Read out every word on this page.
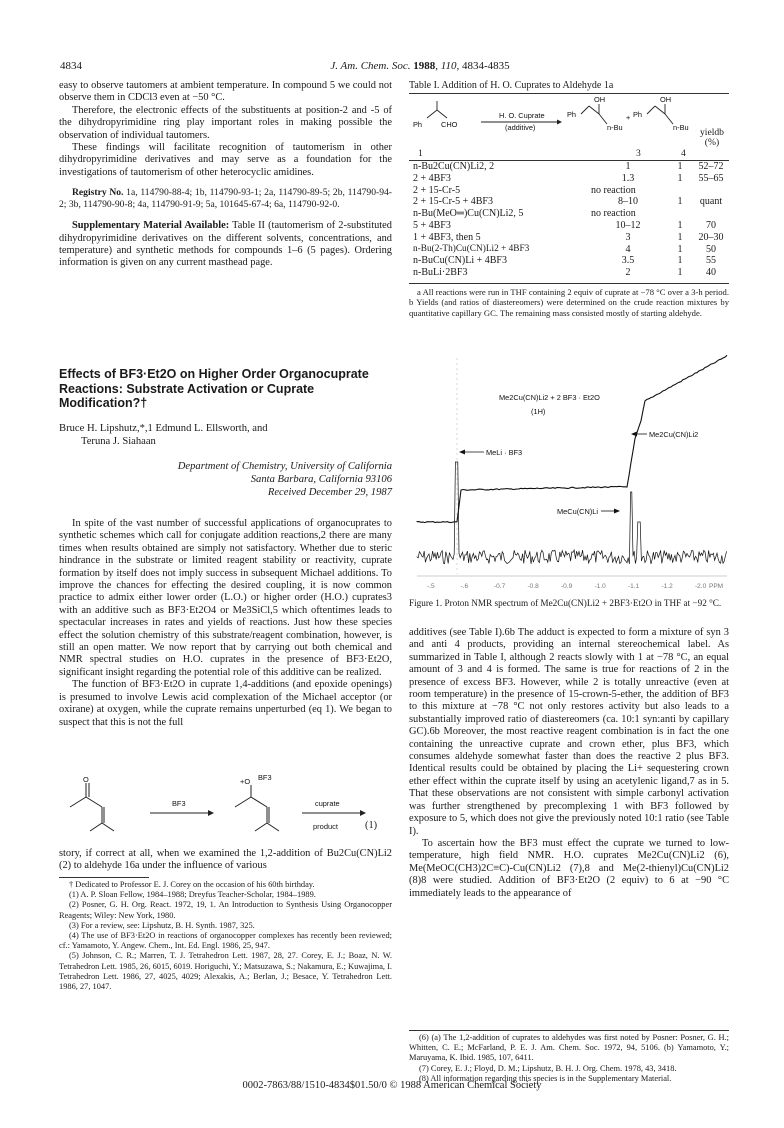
4834	J. Am. Chem. Soc. 1988, 110, 4834-4835

easy to observe tautomers at ambient temperature. In compound 5 we could not observe them in CDCl3 even at −50 °C.

Therefore, the electronic effects of the substituents at position-2 and -5 of the dihydropyrimidine ring play important roles in making possible the observation of individual tautomers.

These findings will facilitate recognition of tautomerism in other dihydropyrimidine derivatives and may serve as a foundation for the investigations of tautomerism of other heterocyclic amidines.

Registry No. 1a, 114790-88-4; 1b, 114790-93-1; 2a, 114790-89-5; 2b, 114790-94-2; 3b, 114790-90-8; 4a, 114790-91-9; 5a, 101645-67-4; 6a, 114790-92-0.

Supplementary Material Available: Table II (tautomerism of 2-substituted dihydropyrimidine derivatives on the different solvents, concentrations, and temperature) and synthetic methods for compounds 1–6 (5 pages). Ordering information is given on any current masthead page.

Effects of BF3·Et2O on Higher Order Organocuprate Reactions: Substrate Activation or Cuprate Modification?†
Bruce H. Lipshutz,*,1 Edmund L. Ellsworth, and
Teruna J. Siahaan
Department of Chemistry, University of California
Santa Barbara, California 93106
Received December 29, 1987

In spite of the vast number of successful applications of organocuprates to synthetic schemes which call for conjugate addition reactions,2 there are many times when results obtained are simply not satisfactory. Whether due to steric hindrance in the substrate or limited reagent stability or reactivity, cuprate formation by itself does not imply success in subsequent Michael additions. To improve the chances for effecting the desired coupling, it is now common practice to admix either lower order (L.O.) or higher order (H.O.) cuprates3 with an additive such as BF3·Et2O4 or Me3SiCl,5 which oftentimes leads to spectacular increases in rates and yields of reactions. Just how these species effect the solution chemistry of this substrate/reagent combination, however, is still an open matter. We now report that by carrying out both chemical and NMR spectral studies on H.O. cuprates in the presence of BF3·Et2O, significant insight regarding the potential role of this additive can be realized.

The function of BF3·Et2O in cuprate 1,4-additions (and epoxide openings) is presumed to involve Lewis acid complexation of the Michael acceptor (or oxirane) at oxygen, while the cuprate remains unperturbed (eq 1). We began to suspect that this is not the full

O
BF3
+O BF3
cuprate
product	(1)

story, if correct at all, when we examined the 1,2-addition of Bu2Cu(CN)Li2 (2) to aldehyde 16a under the influence of various

† Dedicated to Professor E. J. Corey on the occasion of his 60th birthday.
(1) A. P. Sloan Fellow, 1984–1988; Dreyfus Teacher-Scholar, 1984–1989.
(2) Posner, G. H. Org. React. 1972, 19, 1. An Introduction to Synthesis Using Organocopper Reagents; Wiley: New York, 1980.
(3) For a review, see: Lipshutz, B. H. Synth. 1987, 325.
(4) The use of BF3·Et2O in reactions of organocopper complexes has recently been reviewed; cf.: Yamamoto, Y. Angew. Chem., Int. Ed. Engl. 1986, 25, 947.
(5) Johnson, C. R.; Marren, T. J. Tetrahedron Lett. 1987, 28, 27. Corey, E. J.; Boaz, N. W. Tetrahedron Lett. 1985, 26, 6015, 6019. Horiguchi, Y.; Matsuzawa, S.; Nakamura, E.; Kuwajima, I. Tetrahedron Lett. 1986, 27, 4025, 4029; Alexakis, A.; Berlan, J.; Besace, Y. Tetrahedron Lett. 1986, 27, 1047.
Table I. Addition of H. O. Cuprates to Aldehyde 1a
Ph	CHO
H. O. Cuprate
(additive)
Ph
OH
n-Bu
+ Ph
OH
n-Bu yieldb
(%)
1	3	4
n-Bu2Cu(CN)Li2, 2	1	1	52–72
2 + 4BF3	1.3	1	55–65
2 + 15-Cr-5	no reaction		
2 + 15-Cr-5 + 4BF3	8–10	1	quant
n-Bu(MeO═)Cu(CN)Li2, 5	no reaction		
5 + 4BF3	10–12	1	70
1 + 4BF3, then 5	3	1	20–30
n-Bu(2-Th)Cu(CN)Li2 + 4BF3	4	1	50
n-BuCu(CN)Li + 4BF3	3.5	1	55
n-BuLi·2BF3	2	1	40
a All reactions were run in THF containing 2 equiv of cuprate at −78 °C over a 3-h period. b Yields (and ratios of diastereomers) were determined on the crude reaction mixtures by quantitative capillary GC. The remaining mass consisted mostly of starting aldehyde.
-.5	-.6	-0.7	-0.8	-0.9	-1.0	-1.1	-1.2	-2.0 PPM
Me2Cu(CN)Li2 + 2 BF3 · Et2O
(1H)
MeLi · BF3
Me2Cu(CN)Li2
MeCu(CN)Li
Figure 1. Proton NMR spectrum of Me2Cu(CN)Li2 + 2BF3·Et2O in THF at −92 °C.

additives (see Table I).6b The adduct is expected to form a mixture of syn 3 and anti 4 products, providing an internal stereochemical label. As summarized in Table I, although 2 reacts slowly with 1 at −78 °C, an equal amount of 3 and 4 is formed. The same is true for reactions of 2 in the presence of excess BF3. However, while 2 is totally unreactive (even at room temperature) in the presence of 15-crown-5-ether, the addition of BF3 to this mixture at −78 °C not only restores activity but also leads to a substantially improved ratio of diastereomers (ca. 10:1 syn:anti by capillary GC).6b Moreover, the most reactive reagent combination is in fact the one containing the unreactive cuprate and crown ether, plus BF3, which consumes aldehyde somewhat faster than does the reactive 2 plus BF3. Identical results could be obtained by placing the Li+ sequestering crown ether effect within the cuprate itself by using an acetylenic ligand,7 as in 5. That these observations are not consistent with simple carbonyl activation was further strengthened by precomplexing 1 with BF3 followed by exposure to 5, which does not give the previously noted 10:1 ratio (see Table I).

To ascertain how the BF3 must effect the cuprate we turned to low-temperature, high field NMR. H.O. cuprates Me2Cu(CN)Li2 (6), Me(MeOC(CH3)2C≡C)-Cu(CN)Li2 (7),8 and Me(2-thienyl)Cu(CN)Li2 (8)8 were studied. Addition of BF3·Et2O (2 equiv) to 6 at −90 °C immediately leads to the appearance of

(6) (a) The 1,2-addition of cuprates to aldehydes was first noted by Posner: Posner, G. H.; Whitten, C. E.; McFarland, P. E. J. Am. Chem. Soc. 1972, 94, 5106. (b) Yamamoto, Y.; Maruyama, K. Ibid. 1985, 107, 6411.
(7) Corey, E. J.; Floyd, D. M.; Lipshutz, B. H. J. Org. Chem. 1978, 43, 3418.
(8) All information regarding this species is in the Supplementary Material.
0002-7863/88/1510-4834$01.50/0 © 1988 American Chemical Society
